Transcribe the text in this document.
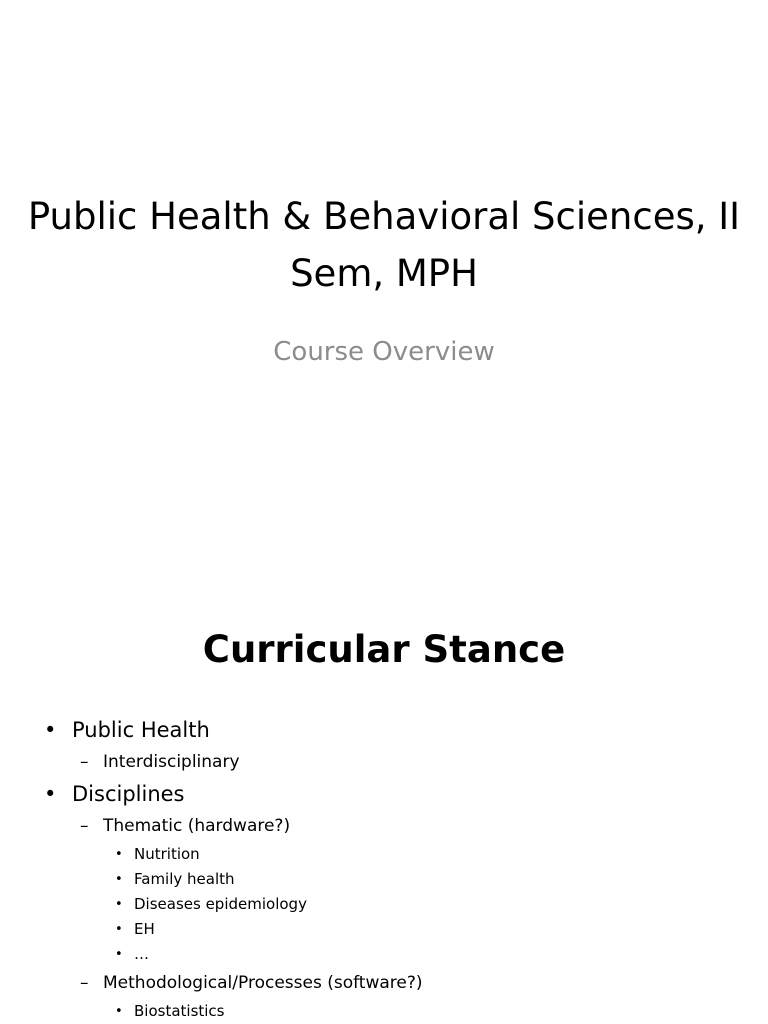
Public Health & Behavioral Sciences, II Sem, MPH

Course Overview

Curricular Stance
• Public Health
– Interdisciplinary
• Disciplines
– Thematic (hardware?)
• Nutrition
• Family health
• Diseases epidemiology
• EH
• …
– Methodological/Processes (software?)
• Biostatistics
